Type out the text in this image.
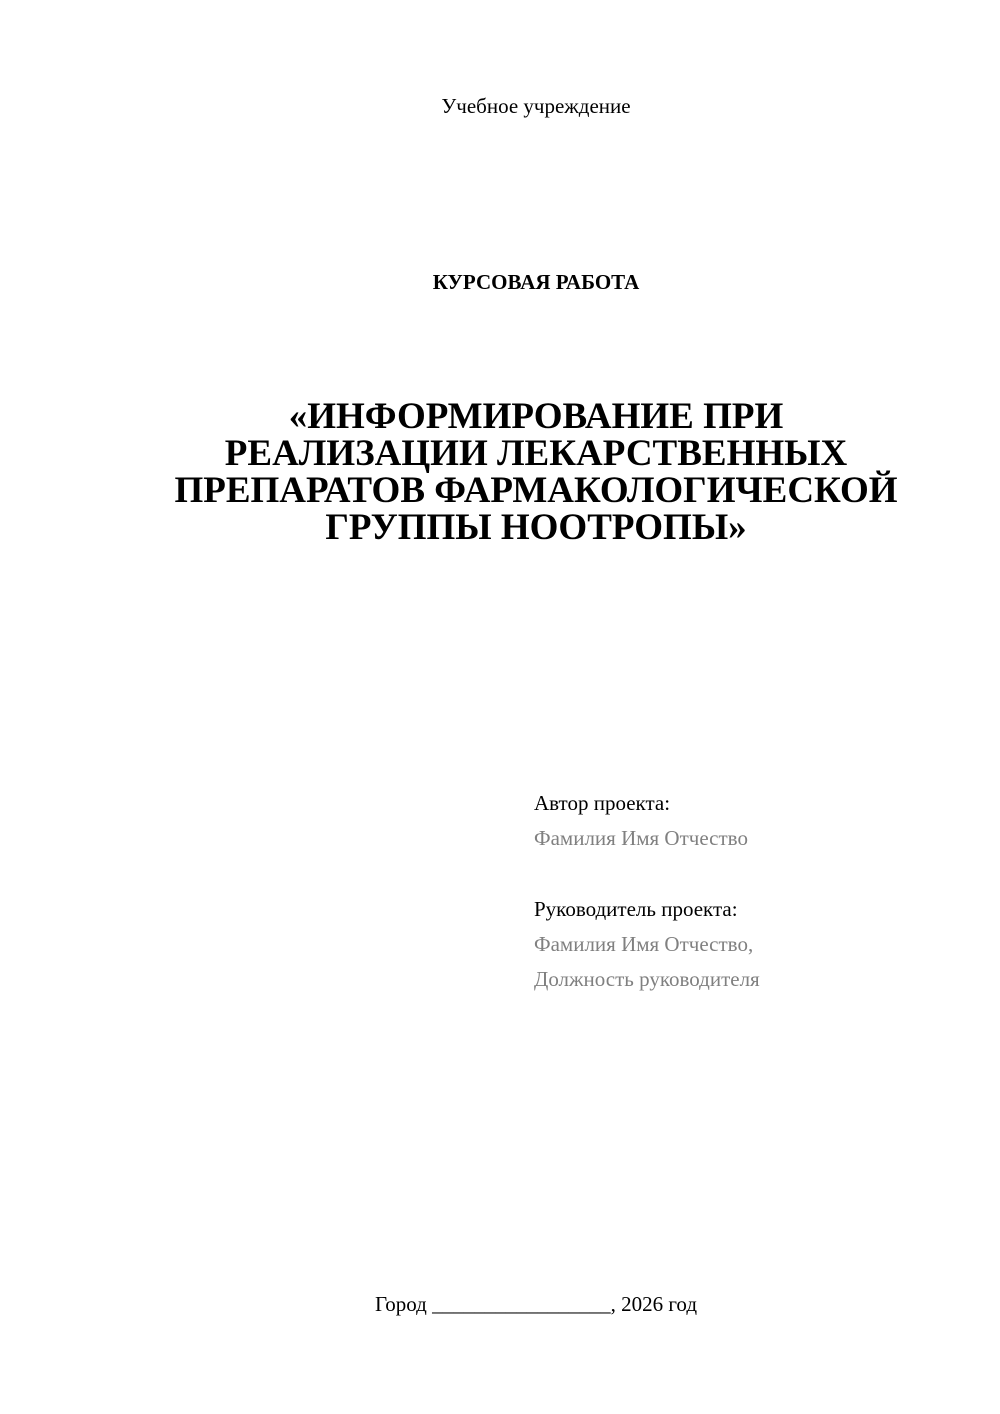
Учебное учреждение
КУРСОВАЯ РАБОТА
«ИНФОРМИРОВАНИЕ ПРИ
РЕАЛИЗАЦИИ ЛЕКАРСТВЕННЫХ
ПРЕПАРАТОВ ФАРМАКОЛОГИЧЕСКОЙ
ГРУППЫ НООТРОПЫ»
Автор проекта:
Фамилия Имя Отчество
Руководитель проекта:
Фамилия Имя Отчество,
Должность руководителя
Город _________________, 2026 год
